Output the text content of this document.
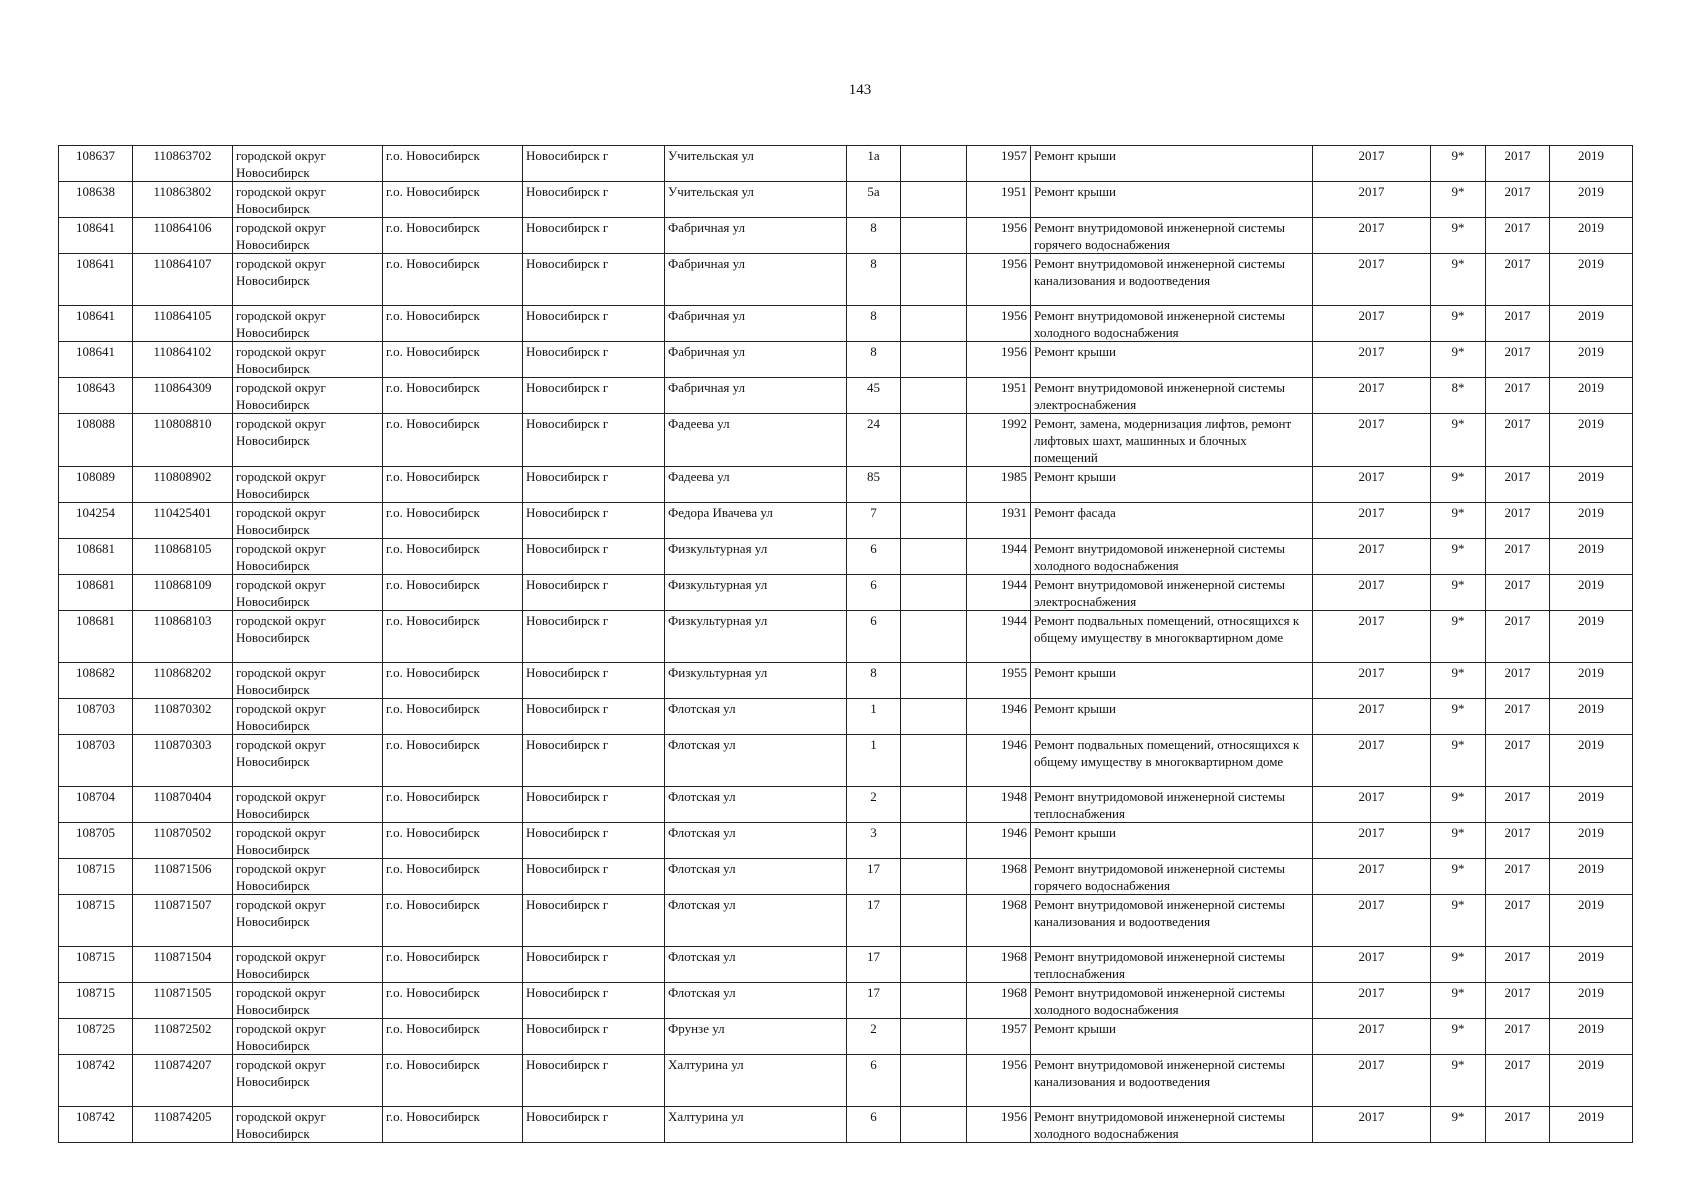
143
108637	110863702	городской округ Новосибирск	г.о. Новосибирск	Новосибирск г	Учительская ул	1а		1957	Ремонт крыши	2017	9*	2017	2019
108638	110863802	городской округ Новосибирск	г.о. Новосибирск	Новосибирск г	Учительская ул	5а		1951	Ремонт крыши	2017	9*	2017	2019
108641	110864106	городской округ Новосибирск	г.о. Новосибирск	Новосибирск г	Фабричная ул	8		1956	Ремонт внутридомовой инженерной системы горячего водоснабжения	2017	9*	2017	2019
108641	110864107	городской округ Новосибирск	г.о. Новосибирск	Новосибирск г	Фабричная ул	8		1956	Ремонт внутридомовой инженерной системы канализования и водоотведения	2017	9*	2017	2019
108641	110864105	городской округ Новосибирск	г.о. Новосибирск	Новосибирск г	Фабричная ул	8		1956	Ремонт внутридомовой инженерной системы холодного водоснабжения	2017	9*	2017	2019
108641	110864102	городской округ Новосибирск	г.о. Новосибирск	Новосибирск г	Фабричная ул	8		1956	Ремонт крыши	2017	9*	2017	2019
108643	110864309	городской округ Новосибирск	г.о. Новосибирск	Новосибирск г	Фабричная ул	45		1951	Ремонт внутридомовой инженерной системы электроснабжения	2017	8*	2017	2019
108088	110808810	городской округ Новосибирск	г.о. Новосибирск	Новосибирск г	Фадеева ул	24		1992	Ремонт, замена, модернизация лифтов, ремонт лифтовых шахт, машинных и блочных помещений	2017	9*	2017	2019
108089	110808902	городской округ Новосибирск	г.о. Новосибирск	Новосибирск г	Фадеева ул	85		1985	Ремонт крыши	2017	9*	2017	2019
104254	110425401	городской округ Новосибирск	г.о. Новосибирск	Новосибирск г	Федора Ивачева ул	7		1931	Ремонт фасада	2017	9*	2017	2019
108681	110868105	городской округ Новосибирск	г.о. Новосибирск	Новосибирск г	Физкультурная ул	6		1944	Ремонт внутридомовой инженерной системы холодного водоснабжения	2017	9*	2017	2019
108681	110868109	городской округ Новосибирск	г.о. Новосибирск	Новосибирск г	Физкультурная ул	6		1944	Ремонт внутридомовой инженерной системы электроснабжения	2017	9*	2017	2019
108681	110868103	городской округ Новосибирск	г.о. Новосибирск	Новосибирск г	Физкультурная ул	6		1944	Ремонт подвальных помещений, относящихся к общему имуществу в многоквартирном доме	2017	9*	2017	2019
108682	110868202	городской округ Новосибирск	г.о. Новосибирск	Новосибирск г	Физкультурная ул	8		1955	Ремонт крыши	2017	9*	2017	2019
108703	110870302	городской округ Новосибирск	г.о. Новосибирск	Новосибирск г	Флотская ул	1		1946	Ремонт крыши	2017	9*	2017	2019
108703	110870303	городской округ Новосибирск	г.о. Новосибирск	Новосибирск г	Флотская ул	1		1946	Ремонт подвальных помещений, относящихся к общему имуществу в многоквартирном доме	2017	9*	2017	2019
108704	110870404	городской округ Новосибирск	г.о. Новосибирск	Новосибирск г	Флотская ул	2		1948	Ремонт внутридомовой инженерной системы теплоснабжения	2017	9*	2017	2019
108705	110870502	городской округ Новосибирск	г.о. Новосибирск	Новосибирск г	Флотская ул	3		1946	Ремонт крыши	2017	9*	2017	2019
108715	110871506	городской округ Новосибирск	г.о. Новосибирск	Новосибирск г	Флотская ул	17		1968	Ремонт внутридомовой инженерной системы горячего водоснабжения	2017	9*	2017	2019
108715	110871507	городской округ Новосибирск	г.о. Новосибирск	Новосибирск г	Флотская ул	17		1968	Ремонт внутридомовой инженерной системы канализования и водоотведения	2017	9*	2017	2019
108715	110871504	городской округ Новосибирск	г.о. Новосибирск	Новосибирск г	Флотская ул	17		1968	Ремонт внутридомовой инженерной системы теплоснабжения	2017	9*	2017	2019
108715	110871505	городской округ Новосибирск	г.о. Новосибирск	Новосибирск г	Флотская ул	17		1968	Ремонт внутридомовой инженерной системы холодного водоснабжения	2017	9*	2017	2019
108725	110872502	городской округ Новосибирск	г.о. Новосибирск	Новосибирск г	Фрунзе ул	2		1957	Ремонт крыши	2017	9*	2017	2019
108742	110874207	городской округ Новосибирск	г.о. Новосибирск	Новосибирск г	Халтурина ул	6		1956	Ремонт внутридомовой инженерной системы канализования и водоотведения	2017	9*	2017	2019
108742	110874205	городской округ Новосибирск	г.о. Новосибирск	Новосибирск г	Халтурина ул	6		1956	Ремонт внутридомовой инженерной системы холодного водоснабжения	2017	9*	2017	2019
